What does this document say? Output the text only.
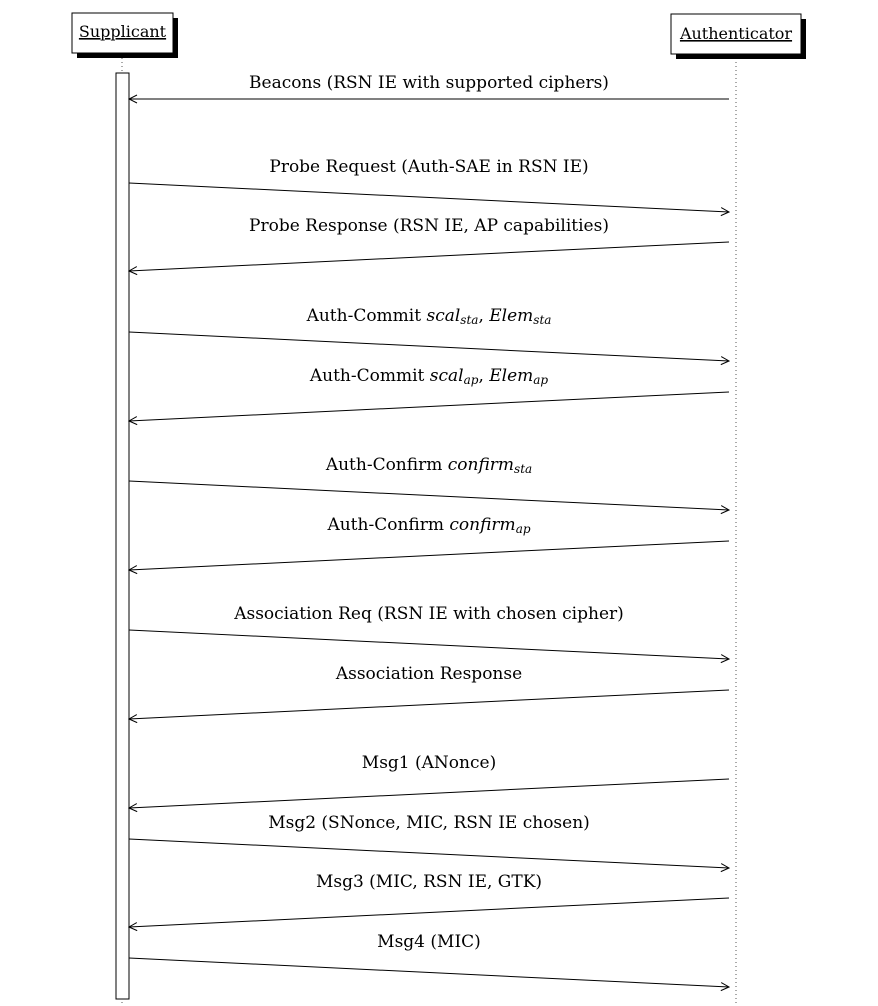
Supplicant	Authenticator
Beacons (RSN IE with supported ciphers)
Probe Request (Auth-SAE in RSN IE)
Probe Response (RSN IE, AP capabilities)
Auth-Commit scalsta, Elemsta
Auth-Commit scalap, Elemap
Auth-Confirm confirmsta
Auth-Confirm confirmap
Association Req (RSN IE with chosen cipher)
Association Response
Msg1 (ANonce)
Msg2 (SNonce, MIC, RSN IE chosen)
Msg3 (MIC, RSN IE, GTK)
Msg4 (MIC)
